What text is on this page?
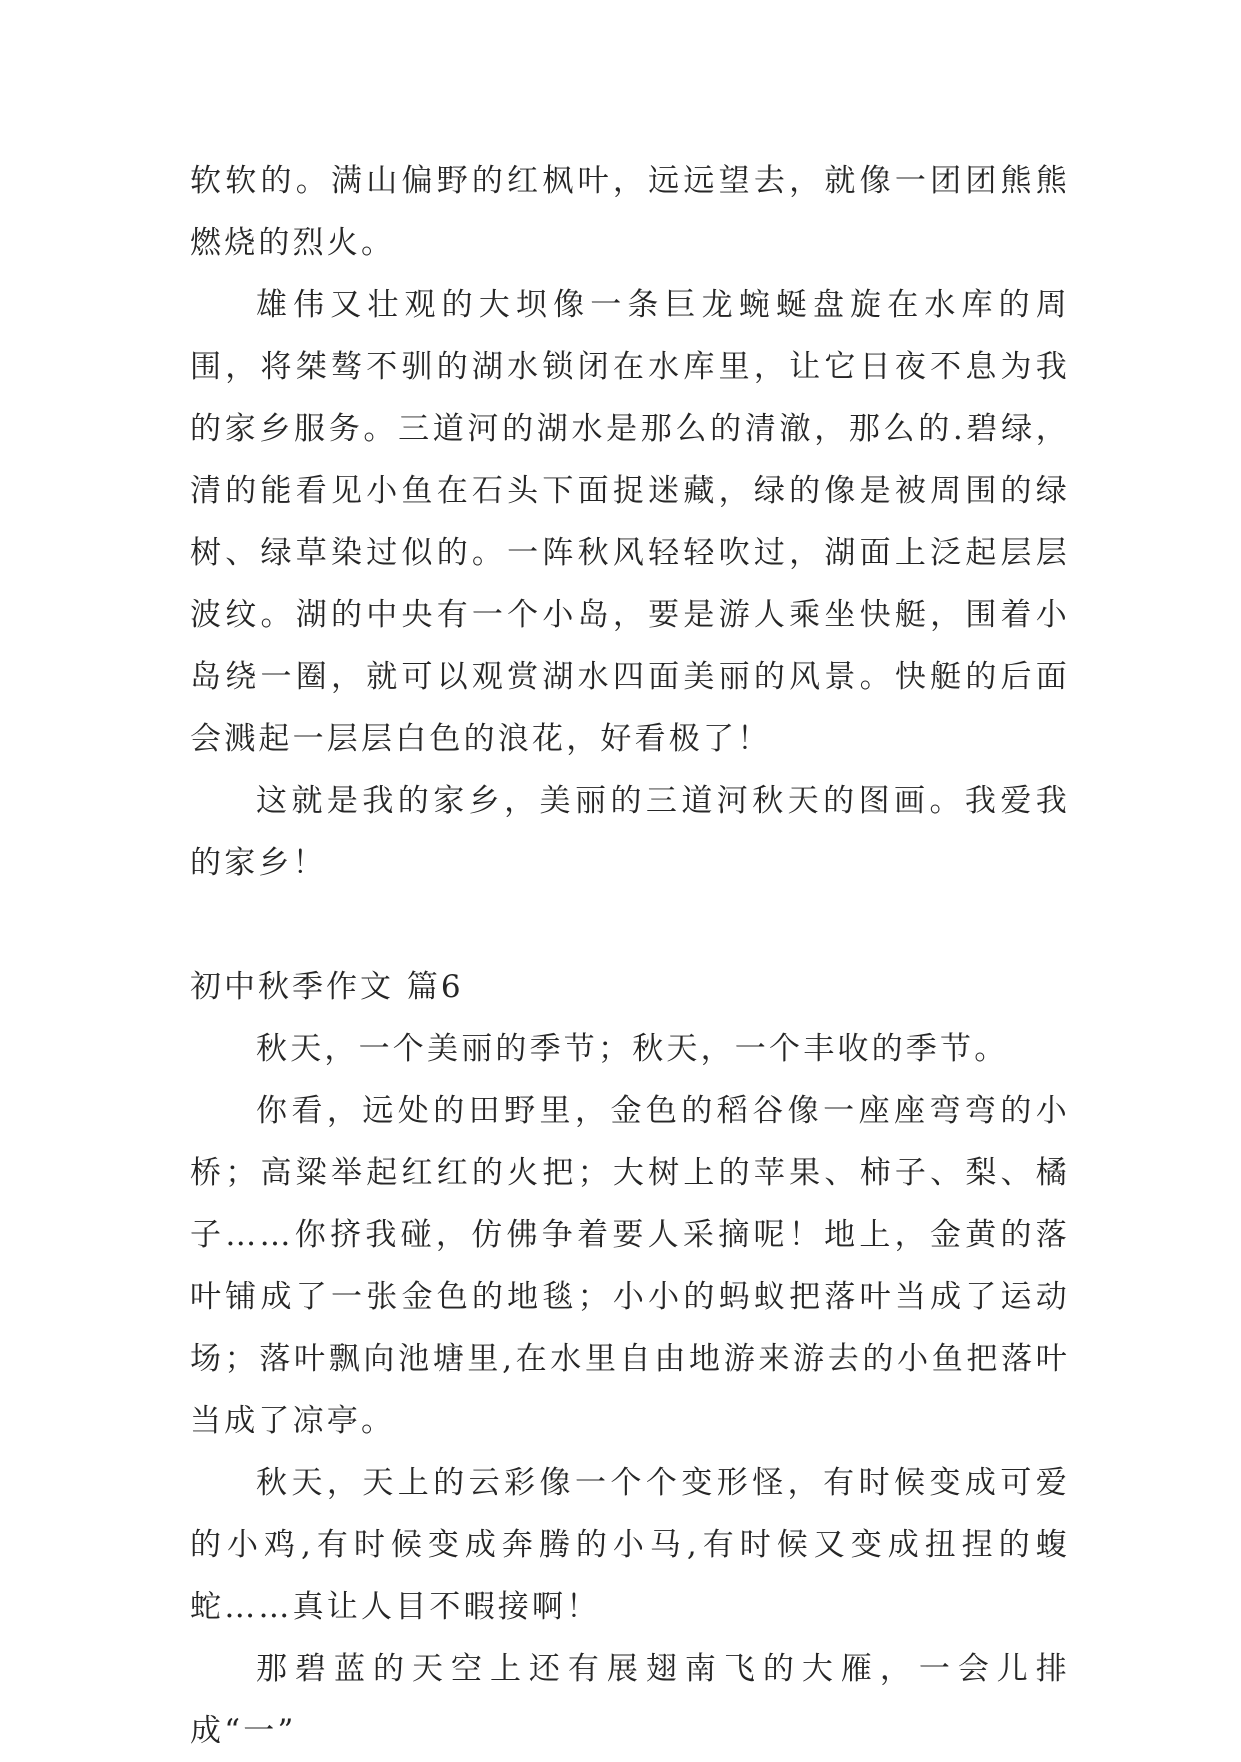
软软的。满山偏野的红枫叶，远远望去，就像一团团熊熊燃烧的烈火。

雄伟又壮观的大坝像一条巨龙蜿蜒盘旋在水库的周围，将桀骜不驯的湖水锁闭在水库里，让它日夜不息为我的家乡服务。三道河的湖水是那么的清澈，那么的.碧绿，清的能看见小鱼在石头下面捉迷藏，绿的像是被周围的绿树、绿草染过似的。一阵秋风轻轻吹过，湖面上泛起层层波纹。湖的中央有一个小岛，要是游人乘坐快艇，围着小岛绕一圈，就可以观赏湖水四面美丽的风景。快艇的后面会溅起一层层白色的浪花，好看极了！

这就是我的家乡，美丽的三道河秋天的图画。我爱我的家乡！

初中秋季作文 篇6

秋天，一个美丽的季节；秋天，一个丰收的季节。

你看，远处的田野里，金色的稻谷像一座座弯弯的小桥；高粱举起红红的火把；大树上的苹果、柿子、梨、橘子……你挤我碰，仿佛争着要人采摘呢！地上，金黄的落叶铺成了一张金色的地毯；小小的蚂蚁把落叶当成了运动场；落叶飘向池塘里,在水里自由地游来游去的小鱼把落叶当成了凉亭。

秋天，天上的云彩像一个个变形怪，有时候变成可爱的小鸡,有时候变成奔腾的小马,有时候又变成扭捏的蝮蛇……真让人目不暇接啊！

那碧蓝的天空上还有展翅南飞的大雁，一会儿排成“一”
